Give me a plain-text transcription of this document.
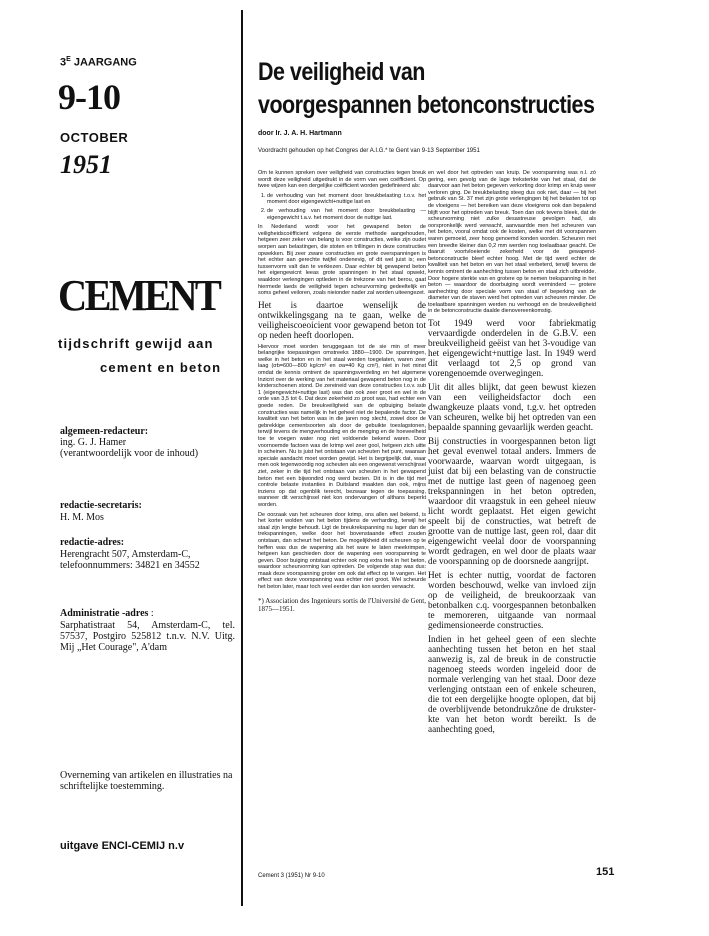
$3^E$ JAARGANG
9-10
OCTOBER
1951
CEMENT
tijdschrift gewijd aan
cement en beton
algemeen-redacteur:
ing. G. J. Hamer
(verantwoordelijk voor de inhoud)
redactie-secretaris:
H. M. Mos
redactie-adres:
Herengracht 507, Amsterdam-C,
telefoonnummers: 34821 en 34552
Administratie -adres :
Sarphatistraat 54, Amsterdam-C, tel. 57537, Postgiro 525812 t.n.v. N.V. Uitg. Mij „Het Courage", A'dam
Overneming van artikelen en illustraties na schriftelijke toestemming.
uitgave ENCI-CEMIJ n.v
De veiligheid van
voorgespannen betonconstructies
door Ir. J. A. H. Hartmann
Voordracht gehouden op het Congres der A.I.G.* te Gent van 9-13 September 1951

Om te kunnen spreken over veiligheid van constructies tegen breuk wordt deze veiligheid uitgedrukt in de vorm van een coëfficient. Op twee wijzen kan een dergelijke coëfficient worden gedefinieerd als:

1. de verhouding van het moment door breukbelasting t.o.v. het moment door eigengewicht+nuttige last en
2. de verhouding van het moment door breukbelasting — eigengewicht t.a.v. het moment door de nuttige last.

In Nederland wordt voor het gewapend beton de veiligheidscoëfficient volgens de eerste methode aangehouden, hetgeen zeer zeker van belang is voor constructies, welke zijn oudet worpen aan belastingen, die stoten en trillingen in deze constructies opwekken. Bij zeer zware constructies en grote overspanningen is het echter aan gerechte twijfel ondenevig, of dit wel juist is; een tussenvorm valt dan te verkiezen. Daar echter bij gewapend beton het eigengewicnt leeas grote spanningen in het staal opwekt, waaldoor verlengingen optleden in de trekzone van het berou, gaat hiermede laeds de veiligheid tegen scheurvorming gedeeltelijk en soms geheel veiloren, zoals nieionder nader zal worden uiteengezet.

Het is daartoe wenselijk de ontwikkelingsgang na te gaan, welke de veiligheiscoeoicient voor gewapend beton tot op neden heeft doorlopen.

Hiervoor moet worden teruggegaan tot de sie min of meer belangrijke toepassingen omstreeks 1880—1900. De spanningen, welke in het beton en in het staal werden toegelaten, waren zeer laag (σb=600—800 kg/cm² en σa=40 Kg cm²), niet in het minst omdat de kennis omtrent de spanningsverdeling en het algemene Inzicnt over de werking van het materiaal gewapend beton nog in de kinderschoenen stond. De zereineid van deze constructies t.o.v. sub 1 (eigengewicht+nuttige last) was dan ook zeer groot en wel in de orde van 3,5 tot 6. Dat deze zekerheid zo groot was, had echter een goede reden. De breukveiligheid van de opbuiging belaste constructies was namelijk in het geheel niet de bepalende factor. De kwaliteit van het beton was in die jaren nog slecht, zowel door de gebrekkige cementsoorten als door de gebuikte toeslagstonen, terwijl tevens de mengverhouding en de menging en de hoeveelheid toe te voegen water nog niet voldoende bekend waren. Door voornoemde factoen was de krimp wel zeer gool, hetgeen zich uitte in scheinen. Nu is juist het ontstaan van scheuten het punt, waaraan speciale aandacht moet worden gewijd. Het is begrijpelijk dat, waar men ook tegenwoordig nog scheuten als een ongewenst verschijnsel ziet, zeker in die tijd het ontstaan van scheuten in het gewapend beton met een bijwondird nog werd bezien. Dit is in die tijd met controle belaste instanties in Duitsland maakten dan ook, mijns inziens op dat ogenblik terecht, bezwaar tegen de toepassing, wanneer dit verschijnsel niet kon ondervangen of althans beperkt worden.

De oorzaak van het scheuren door krimp, ons allen wel bekend, is het korter wolden van het beton tijdens de verharding, terwijl het staal zijn lengte behoudt. Ligt de breukrekspanning nu lager dan de trekspanningen, welke door het bovenstaande effect zouden ontstaan, dan scheurt het beton. De mogelijkheid dit scheuren op te heffen was dus de wapening als het ware te laten meekrimpen, hetgeen kan geschieden door de wapening een voorspanning te geven. Door buiging ontstaat echter ook nog extra trek in het beton, waardoor scheurvorming kan optreden. De volgende stap was dus: maak deze voorspanning groter om ook dat effect op te vangen. Het effect van deze voorspanning was echter niet groot. Wel scheurde het beton later, maar toch veel eerder dan kon worden verwacht.

*) Association des Ingenieurs sortis de l'Université de Gent, 1875—1951.

en wel door het optreden van kruip. De voorspanning was n.l. zó gering, een gevolg van de lage treksterkte van het staal, dat de daarvoor aan het beton gegeven verkorting door krimp en kruip weer verloren ging. De breukbelasting steeg dus ook niet, daar — bij het gebruik van St. 37 met zijn grote verlengingen bij het belasten tot op de vloeigens — het bereiken van deze vloeigrens ook dan bepalend blijft voor het optreden van breuk. Toen dan ook tevens bleek, dat de scheurvorming niet zulke desastreuse gevolgen had, als oorspronkelijk werd verwacht, aanvaardde men het scheuren van het beton, vooral omdat ook de kosten, welke met dit voorspannen waren gemoeid, zeer hoog genoemd konden worden. Scheuren met een breedte kleiner dan 0,2 mm werden nog toelaatbaar geacht. De daaruit voortvloeiende zekerheid voor de gewapend-betonconstructie bleef echter hoog. Met de tijd werd echter de kwaliteit van het beton en van het staal verbeterd, terwijl tevens de kennis omtrent de aanhechting tussen beton en staal zich uitbreidde. Door hogere sterkte van en grotere op te nemen trekspanning in het beton — waardoor de doorbuiging wordt verminderd — grotere aanhechting door speciale vorm van staal of beperking van de diameter van de staven werd het optreden van scheuren minder. De toelaatbare spanningen werden nu verhoogd en de breukveiligheid in de betonconstructie daalde dienovereenkomstig.

Tot 1949 werd voor fabriekmatig vervaardigde onderdelen in de G.B.V. een breukveiligheid geëist van het 3-voudige van het eigengewicht+nuttige last. In 1949 werd dit verlaagd tot 2,5 op grond van vorengenoemde overwegingen.
Uit dit alles blijkt, dat geen bewust kiezen van een veiligheidsfactor doch een dwangkeuze plaats vond, t.g.v. het optreden van scheuren, welke bij het optreden van een bepaalde spanning gevaarlijk werden geacht.
Bij constructies in voorgespannen beton ligt het geval evenwel totaal anders. Immers de voorwaarde, waarvan wordt uitgegaan, is juist dat bij een belasting van de constructie met de nuttige last geen of nagenoeg geen trekspanningen in het beton optreden, waardoor dit vraagstuk in een geheel nieuw licht wordt geplaatst. Het eigen gewicht speelt bij de constructies, wat betreft de grootte van de nuttige last, geen rol, daar dit eigengewicht veelal door de voorspanning wordt gedragen, en wel door de plaats waar de voorspanning op de doorsnede aangrijpt.
Het is echter nuttig, voordat de factoren worden beschouwd, welke van invloed zijn op de veiligheid, de breukoorzaak van betonbalken c.q. voorgespannen betonbalken te memoreren, uitgaande van normaal gedimensioneerde constructies.
Indien in het geheel geen of een slechte aanhechting tussen het beton en het staal aanwezig is, zal de breuk in de constructie nagenoeg steeds worden ingeleid door de normale verlenging van het staal. Door deze verlenging ontstaan een of enkele scheuren, die tot een dergelijke hoogte oplopen, dat bij de overblijvende betondrukzône de druksterkte van het beton wordt bereikt. Is de aanhechting goed,
Cement 3 (1951) Nr 9-10	151
